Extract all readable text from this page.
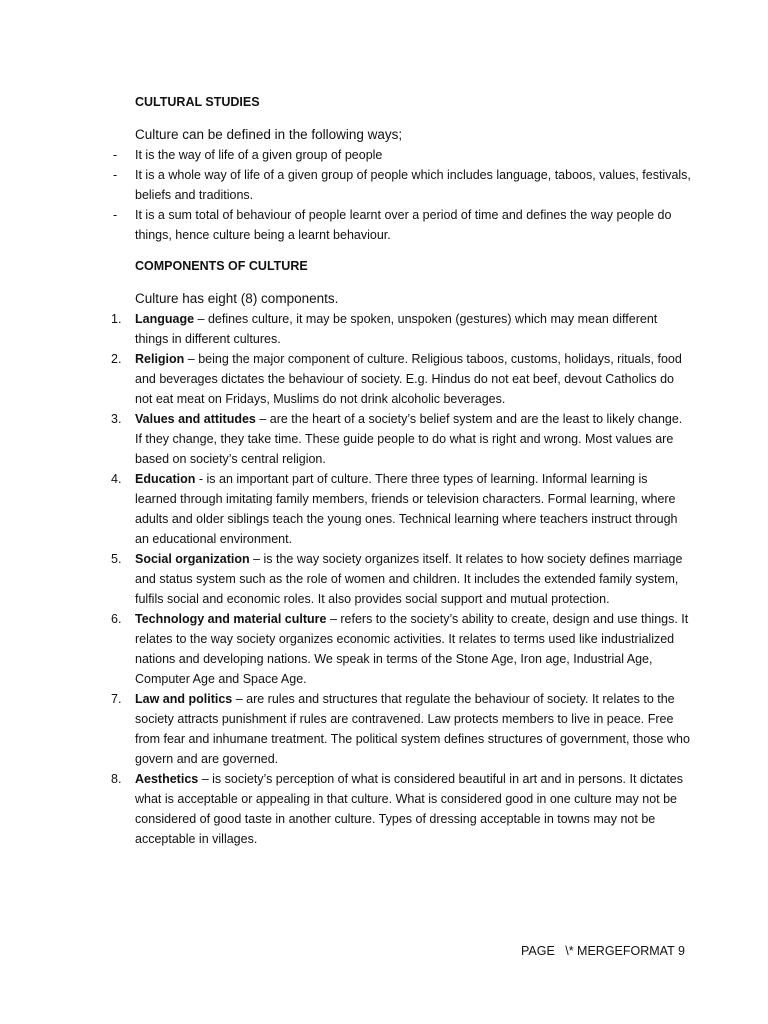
CULTURAL STUDIES

Culture can be defined in the following ways;

-	It is the way of life of a given group of people
-	It is a whole way of life of a given group of people which includes language, taboos, values, festivals, beliefs and traditions.
-	It is a sum total of behaviour of people learnt over a period of time and defines the way people do things, hence culture being a learnt behaviour.

COMPONENTS OF CULTURE

Culture has eight (8) components.

1.	Language – defines culture, it may be spoken, unspoken (gestures) which may mean different things in different cultures.
2.	Religion – being the major component of culture. Religious taboos, customs, holidays, rituals, food and beverages dictates the behaviour of society. E.g. Hindus do not eat beef, devout Catholics do not eat meat on Fridays, Muslims do not drink alcoholic beverages.
3.	Values and attitudes – are the heart of a society’s belief system and are the least to likely change. If they change, they take time. These guide people to do what is right and wrong. Most values are based on society’s central religion.
4.	Education - is an important part of culture. There three types of learning. Informal learning is learned through imitating family members, friends or television characters. Formal learning, where adults and older siblings teach the young ones. Technical learning where teachers instruct through an educational environment.
5.	Social organization – is the way society organizes itself. It relates to how society defines marriage and status system such as the role of women and children. It includes the extended family system, fulfils social and economic roles. It also provides social support and mutual protection.
6.	Technology and material culture – refers to the society’s ability to create, design and use things. It relates to the way society organizes economic activities. It relates to terms used like industrialized nations and developing nations. We speak in terms of the Stone Age, Iron age, Industrial Age, Computer Age and Space Age.
7.	Law and politics – are rules and structures that regulate the behaviour of society. It relates to the society attracts punishment if rules are contravened. Law protects members to live in peace. Free from fear and inhumane treatment. The political system defines structures of government, those who govern and are governed.
8.	Aesthetics – is society’s perception of what is considered beautiful in art and in persons. It dictates what is acceptable or appealing in that culture. What is considered good in one culture may not be considered of good taste in another culture. Types of dressing acceptable in towns may not be acceptable in villages.
PAGE   \* MERGEFORMAT 9
